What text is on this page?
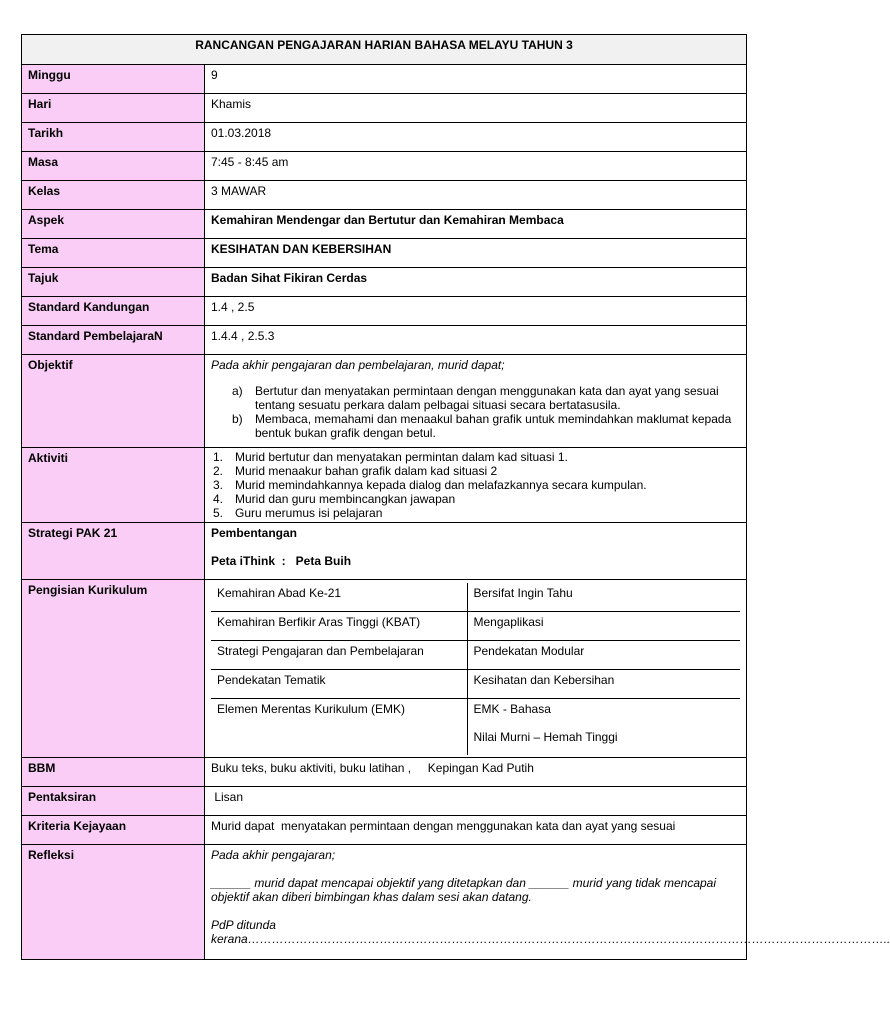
RANCANGAN PENGAJARAN HARIAN BAHASA MELAYU TAHUN 3
Minggu	9
Hari	Khamis
Tarikh	01.03.2018
Masa	7:45 - 8:45 am
Kelas	3 MAWAR
Aspek	Kemahiran Mendengar dan Bertutur dan Kemahiran Membaca
Tema	KESIHATAN DAN KEBERSIHAN
Tajuk	Badan Sihat Fikiran Cerdas
Standard Kandungan	1.4 , 2.5
Standard PembelajaraN	1.4.4 , 2.5.3
Objektif	Pada akhir pengajaran dan pembelajaran, murid dapat;
a) Bertutur dan menyatakan permintaan dengan menggunakan kata dan ayat yang sesuai tentang sesuatu perkara dalam pelbagai situasi secara bertatasusila.
b) Membaca, memahami dan menaakul bahan grafik untuk memindahkan maklumat kepada bentuk bukan grafik dengan betul.

Aktiviti	1. Murid bertutur dan menyatakan permintan dalam kad situasi 1.
2. Murid menaakur bahan grafik dalam kad situasi 2
3. Murid memindahkannya kepada dialog dan melafazkannya secara kumpulan.
4. Murid dan guru membincangkan jawapan
5. Guru merumus isi pelajaran

Strategi PAK 21	Pembentangan
Peta iThink  :   Peta Buih

Pengisian Kurikulum		Kemahiran Abad Ke-21	Bersifat Ingin Tahu
Kemahiran Berfikir Aras Tinggi (KBAT)	Mengaplikasi
Strategi Pengajaran dan Pembelajaran	Pendekatan Modular
Pendekatan Tematik	Kesihatan dan Kebersihan
Elemen Merentas Kurikulum (EMK)	EMK - Bahasa
Nilai Murni – Hemah Tinggi

BBM	Buku teks, buku aktiviti, buku latihan ,     Kepingan Kad Putih
Pentaksiran	Lisan
Kriteria Kejayaan	Murid dapat  menyatakan permintaan dengan menggunakan kata dan ayat yang sesuai
Refleksi	Pada akhir pengajaran;
______ murid dapat mencapai objektif yang ditetapkan dan ______ murid yang tidak mencapai objektif akan diberi bimbingan khas dalam sesi akan datang.
PdP ditunda
kerana……………………………………………………………………………………………………………………………………………..
